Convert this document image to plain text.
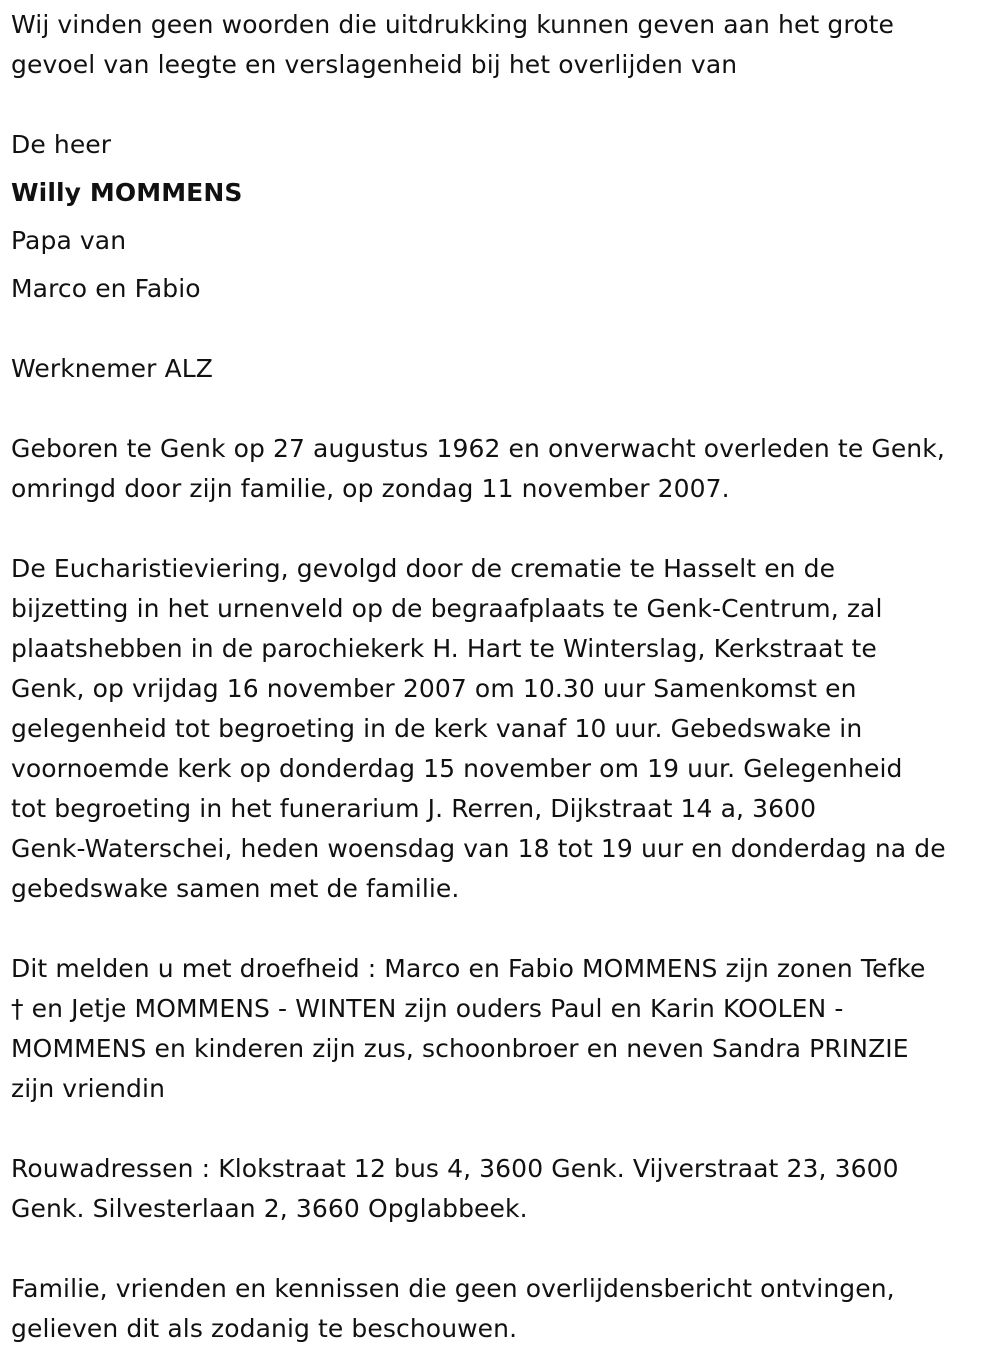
Wij vinden geen woorden die uitdrukking kunnen geven aan het grote
gevoel van leegte en verslagenheid bij het overlijden van
De heer
Willy MOMMENS
Papa van
Marco en Fabio
Werknemer ALZ
Geboren te Genk op 27 augustus 1962 en onverwacht overleden te Genk,
omringd door zijn familie, op zondag 11 november 2007.
De Eucharistieviering, gevolgd door de crematie te Hasselt en de
bijzetting in het urnenveld op de begraafplaats te Genk-Centrum, zal
plaatshebben in de parochiekerk H. Hart te Winterslag, Kerkstraat te
Genk, op vrijdag 16 november 2007 om 10.30 uur Samenkomst en
gelegenheid tot begroeting in de kerk vanaf 10 uur. Gebedswake in
voornoemde kerk op donderdag 15 november om 19 uur. Gelegenheid
tot begroeting in het funerarium J. Rerren, Dijkstraat 14 a, 3600
Genk-Waterschei, heden woensdag van 18 tot 19 uur en donderdag na de
gebedswake samen met de familie.
Dit melden u met droefheid : Marco en Fabio MOMMENS zijn zonen Tefke
† en Jetje MOMMENS - WINTEN zijn ouders Paul en Karin KOOLEN -
MOMMENS en kinderen zijn zus, schoonbroer en neven Sandra PRINZIE
zijn vriendin
Rouwadressen : Klokstraat 12 bus 4, 3600 Genk. Vijverstraat 23, 3600
Genk. Silvesterlaan 2, 3660 Opglabbeek.
Familie, vrienden en kennissen die geen overlijdensbericht ontvingen,
gelieven dit als zodanig te beschouwen.
